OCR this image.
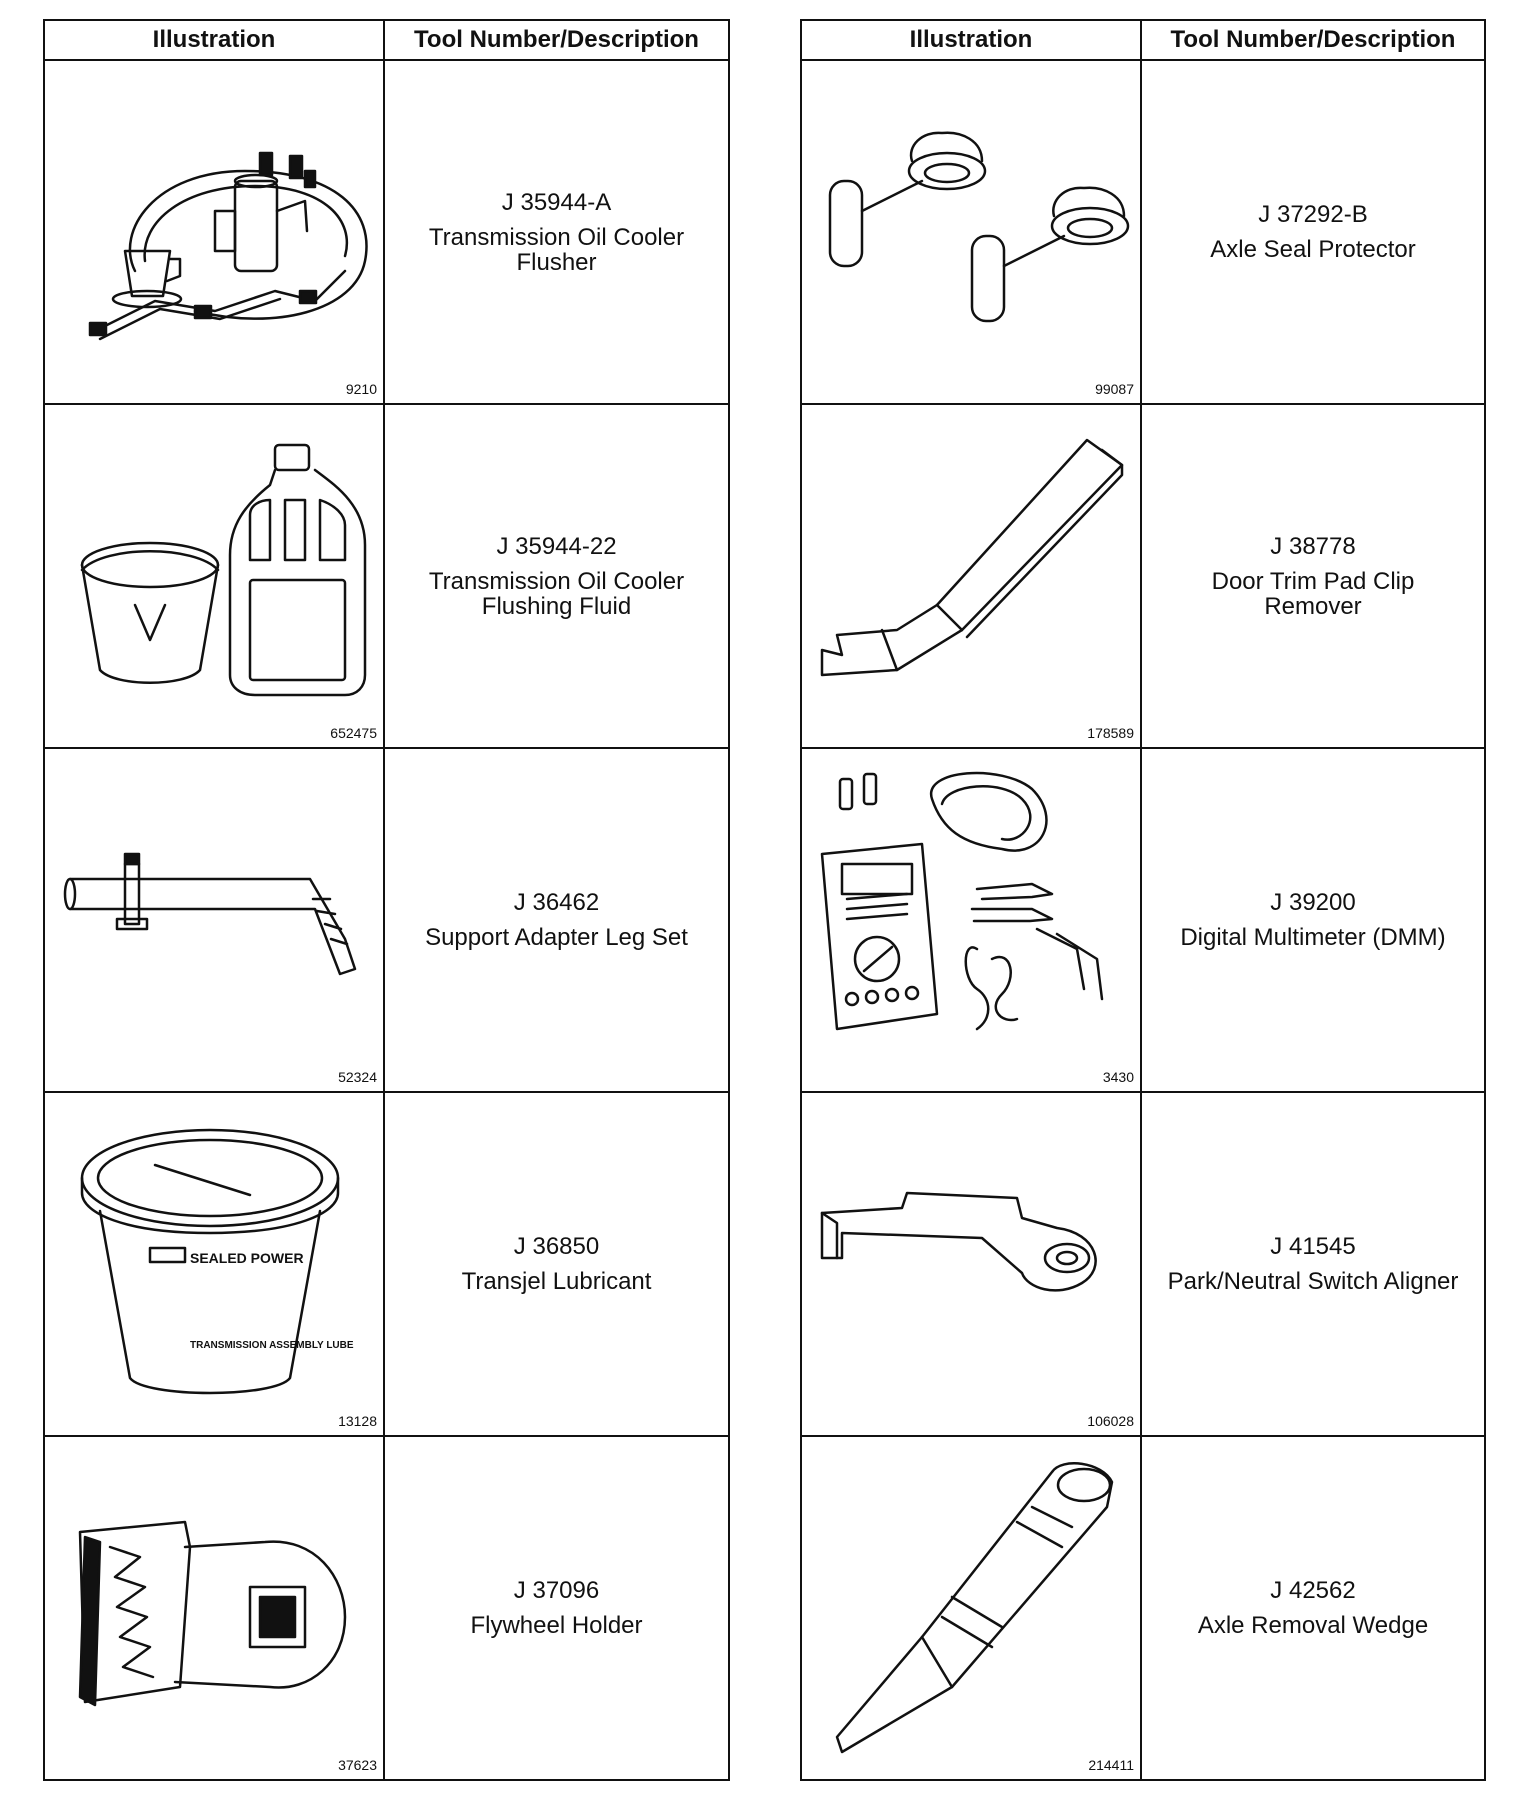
Illustration	Tool Number/Description
9210
J 35944-A
Transmission Oil Cooler
Flusher
652475
J 35944-22
Transmission Oil Cooler
Flushing Fluid
52324
J 36462
Support Adapter Leg Set
SEALED POWER
TRANSMISSION ASSEMBLY LUBE
13128
J 36850
Transjel Lubricant
37623
J 37096
Flywheel Holder
Illustration	Tool Number/Description
99087
J 37292-B
Axle Seal Protector
178589
J 38778
Door Trim Pad Clip
Remover
3430
J 39200
Digital Multimeter (DMM)
106028
J 41545
Park/Neutral Switch Aligner
214411
J 42562
Axle Removal Wedge
